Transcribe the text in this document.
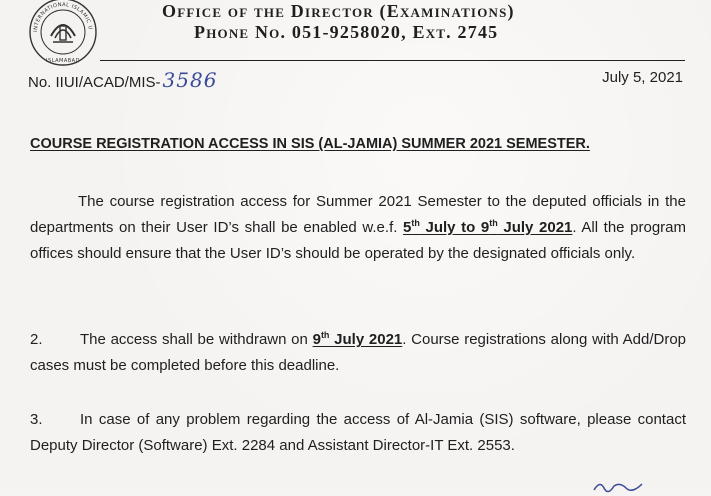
INTERNATIONAL ISLAMIC U
ISLAMABAD
Office of the Director (Examinations)
Phone No. 051-9258020, Ext. 2745
No. IIUI/ACAD/MIS- 3586	July 5, 2021
COURSE REGISTRATION ACCESS IN SIS (AL-JAMIA) SUMMER 2021 SEMESTER.
The course registration access for Summer 2021 Semester to the deputed officials in the departments on their User ID’s shall be enabled w.e.f. 5th July to 9th July 2021. All the program offices should ensure that the User ID’s should be operated by the designated officials only.
2. The access shall be withdrawn on 9th July 2021. Course registrations along with Add/Drop cases must be completed before this deadline.
3. In case of any problem regarding the access of Al-Jamia (SIS) software, please contact Deputy Director (Software) Ext. 2284 and Assistant Director-IT Ext. 2553.
